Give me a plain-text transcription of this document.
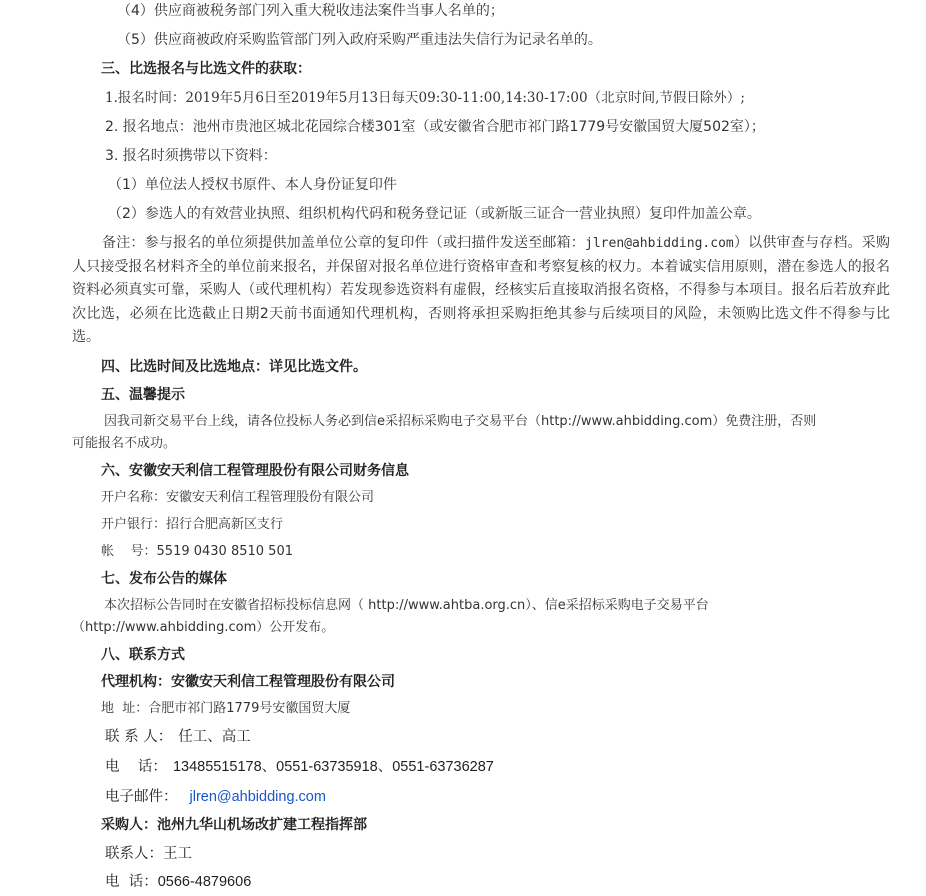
（4）供应商被税务部门列入重大税收违法案件当事人名单的；
（5）供应商被政府采购监管部门列入政府采购严重违法失信行为记录名单的。
三、比选报名与比选文件的获取：
1.报名时间：2019年5月6日至2019年5月13日每天09:30-11:00,14:30-17:00（北京时间,节假日除外）;
2. 报名地点：池州市贵池区城北花园综合楼301室（或安徽省合肥市祁门路1779号安徽国贸大厦502室）；
3. 报名时须携带以下资料：
（1）单位法人授权书原件、本人身份证复印件
（2）参选人的有效营业执照、组织机构代码和税务登记证（或新版三证合一营业执照）复印件加盖公章。
备注：参与报名的单位须提供加盖单位公章的复印件（或扫描件发送至邮箱：jlren@ahbidding.com）以供审查与存档。采购人只接受报名材料齐全的单位前来报名，并保留对报名单位进行资格审查和考察复核的权力。本着诚实信用原则，潜在参选人的报名资料必须真实可靠，采购人（或代理机构）若发现参选资料有虚假，经核实后直接取消报名资格，不得参与本项目。报名后若放弃此次比选，必须在比选截止日期2天前书面通知代理机构，否则将承担采购拒绝其参与后续项目的风险，未领购比选文件不得参与比选。
四、比选时间及比选地点：详见比选文件。
五、温馨提示
因我司新交易平台上线，请各位投标人务必到信e采招标采购电子交易平台（http://www.ahbidding.com）免费注册，否则
可能报名不成功。
六、安徽安天利信工程管理股份有限公司财务信息
开户名称：安徽安天利信工程管理股份有限公司
开户银行：招行合肥高新区支行
帐    号：5519 0430 8510 501
七、发布公告的媒体
本次招标公告同时在安徽省招标投标信息网（ http://www.ahtba.org.cn）、信e采招标采购电子交易平台
（http://www.ahbidding.com）公开发布。
八、联系方式
代理机构：安徽安天利信工程管理股份有限公司
地  址：合肥市祁门路1779号安徽国贸大厦
联 系 人： 任工、高工
电    话： 13485515178、0551-63735918、0551-63736287
电子邮件： jlren@ahbidding.com
采购人：池州九华山机场改扩建工程指挥部
联系人：王工
电  话：0566-4879606
